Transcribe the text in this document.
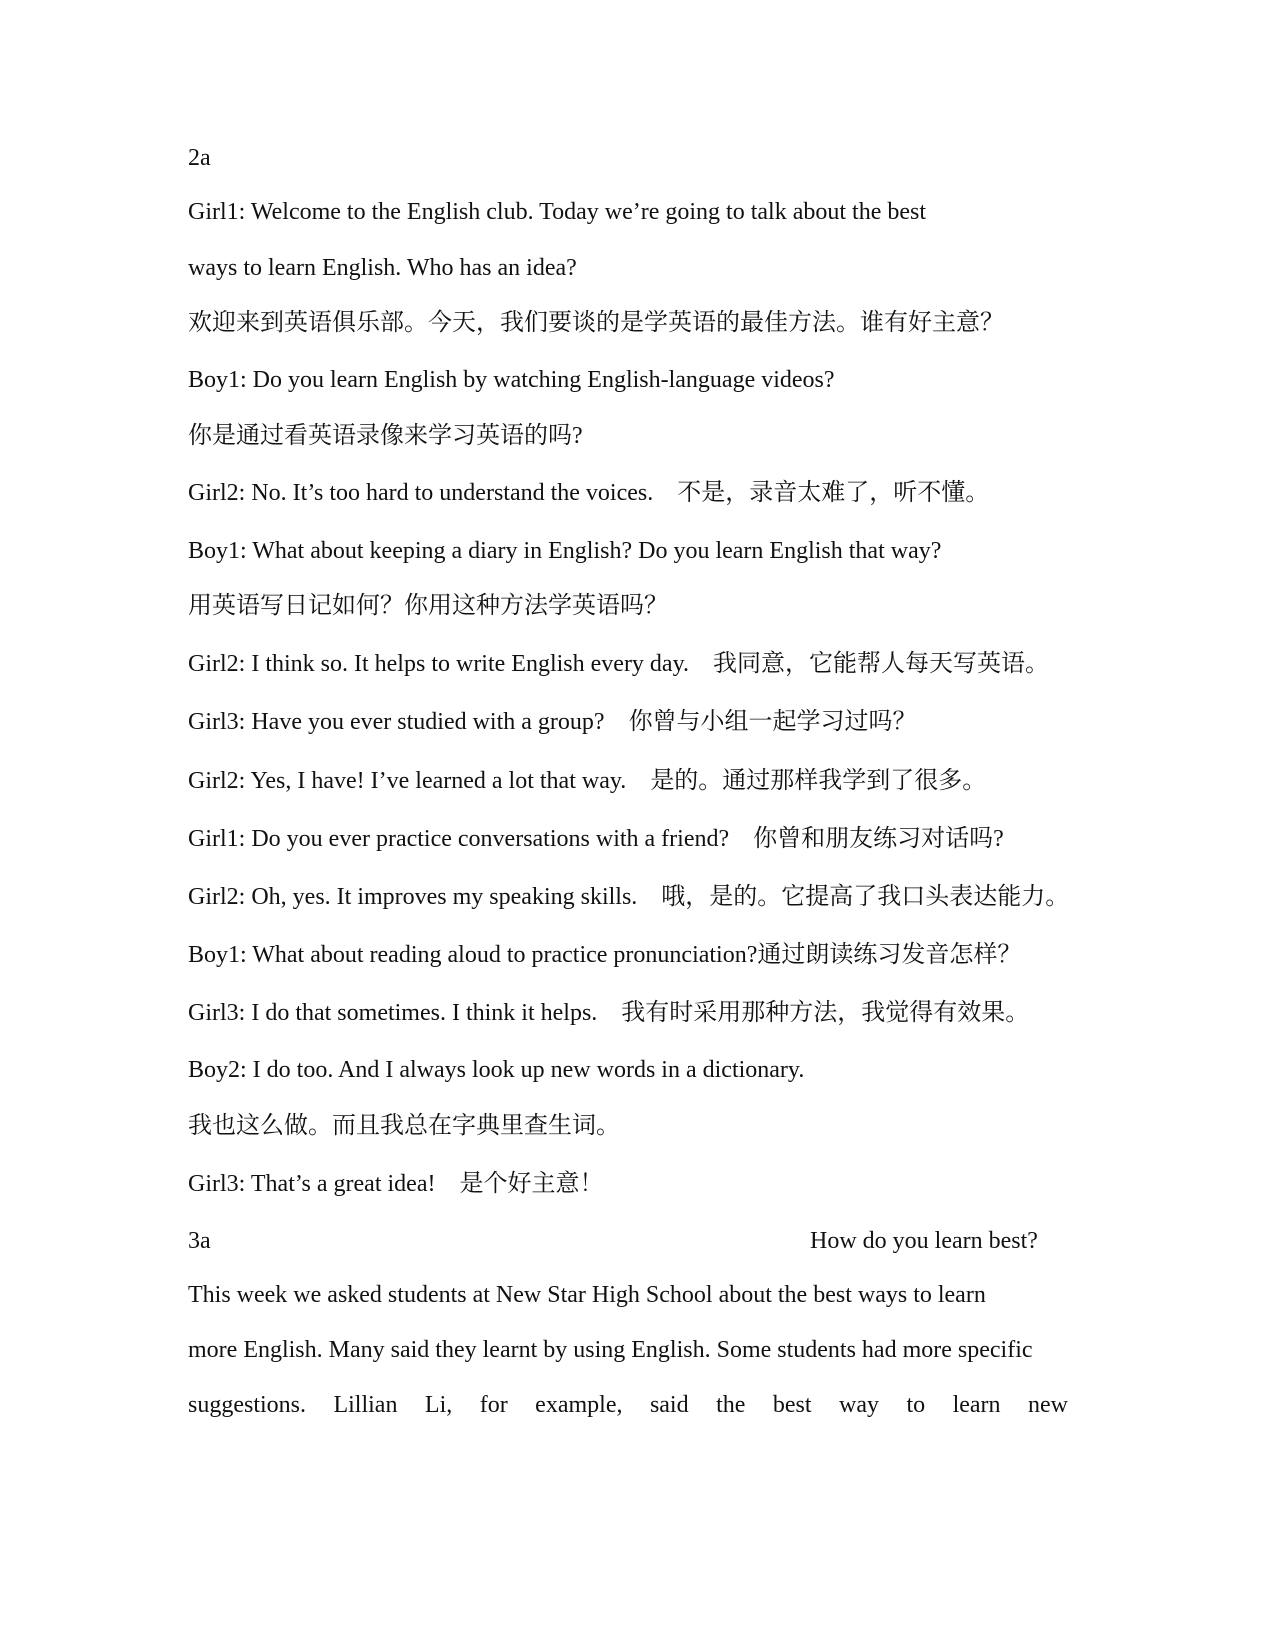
2a
Girl1: Welcome to the English club. Today we’re going to talk about the best
ways to learn English. Who has an idea?
欢迎来到英语俱乐部。今天，我们要谈的是学英语的最佳方法。谁有好主意？
Boy1: Do you learn English by watching English-language videos?
你是通过看英语录像来学习英语的吗?
Girl2: No. It’s too hard to understand the voices. 不是，录音太难了，听不懂。
Boy1: What about keeping a diary in English? Do you learn English that way?
用英语写日记如何？你用这种方法学英语吗？
Girl2: I think so. It helps to write English every day. 我同意，它能帮人每天写英语。
Girl3: Have you ever studied with a group? 你曾与小组一起学习过吗？
Girl2: Yes, I have! I’ve learned a lot that way. 是的。通过那样我学到了很多。
Girl1: Do you ever practice conversations with a friend? 你曾和朋友练习对话吗?
Girl2: Oh, yes. It improves my speaking skills. 哦，是的。它提高了我口头表达能力。
Boy1: What about reading aloud to practice pronunciation?通过朗读练习发音怎样？
Girl3: I do that sometimes. I think it helps. 我有时采用那种方法，我觉得有效果。
Boy2: I do too. And I always look up new words in a dictionary.
我也这么做。而且我总在字典里查生词。
Girl3: That’s a great idea! 是个好主意！
3a	How do you learn best?
This week we asked students at New Star High School about the best ways to learn
more English. Many said they learnt by using English. Some students had more specific
suggestions. Lillian Li, for example, said the best way to learn new
